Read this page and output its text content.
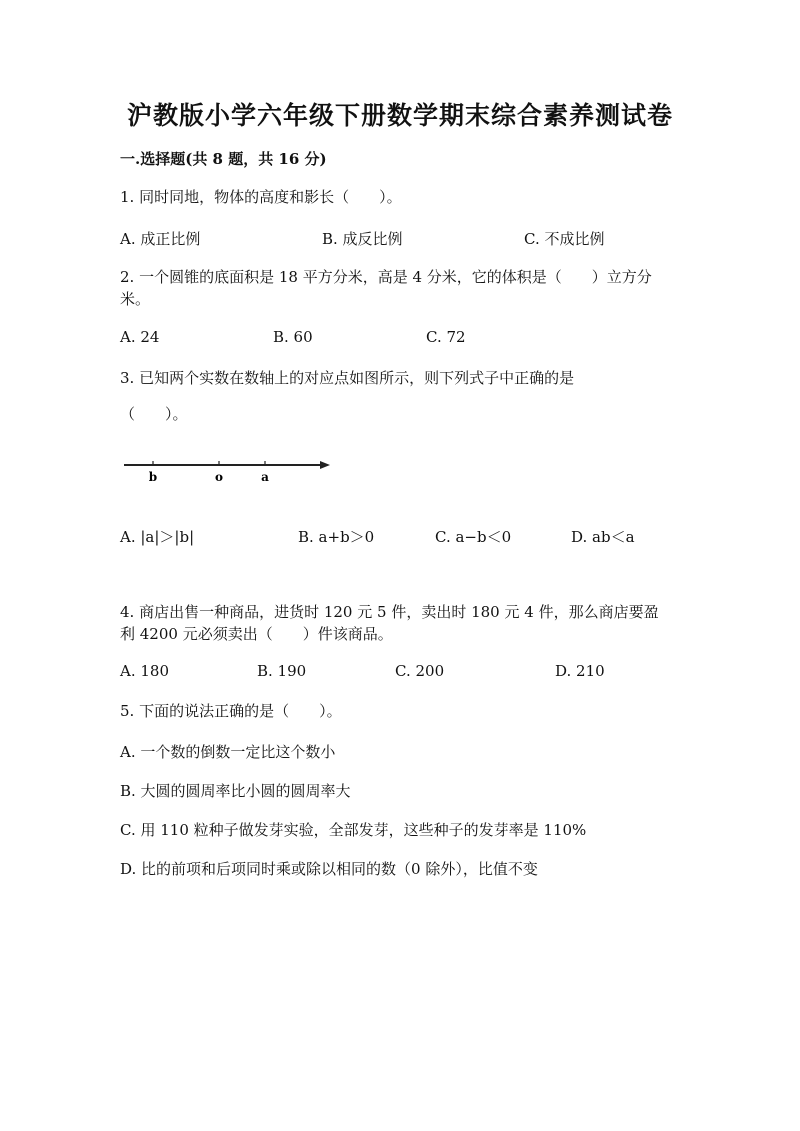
沪教版小学六年级下册数学期末综合素养测试卷
一.选择题(共 8 题，共 16 分)
1. 同时同地，物体的高度和影长（　　）。
A. 成正比例	B. 成反比例	C. 不成比例
2. 一个圆锥的底面积是 18 平方分米，高是 4 分米，它的体积是（　　）立方分
米。
A. 24	B. 60	C. 72
3. 已知两个实数在数轴上的对应点如图所示，则下列式子中正确的是
（　　）。
b	o	a
A. |a|＞|b|	B. a+b＞0	C. a−b＜0	D. ab＜a
4. 商店出售一种商品，进货时 120 元 5 件，卖出时 180 元 4 件，那么商店要盈
利 4200 元必须卖出（　　）件该商品。
A. 180	B. 190	C. 200	D. 210
5. 下面的说法正确的是（　　）。
A. 一个数的倒数一定比这个数小
B. 大圆的圆周率比小圆的圆周率大
C. 用 110 粒种子做发芽实验，全部发芽，这些种子的发芽率是 110%
D. 比的前项和后项同时乘或除以相同的数（0 除外），比值不变
